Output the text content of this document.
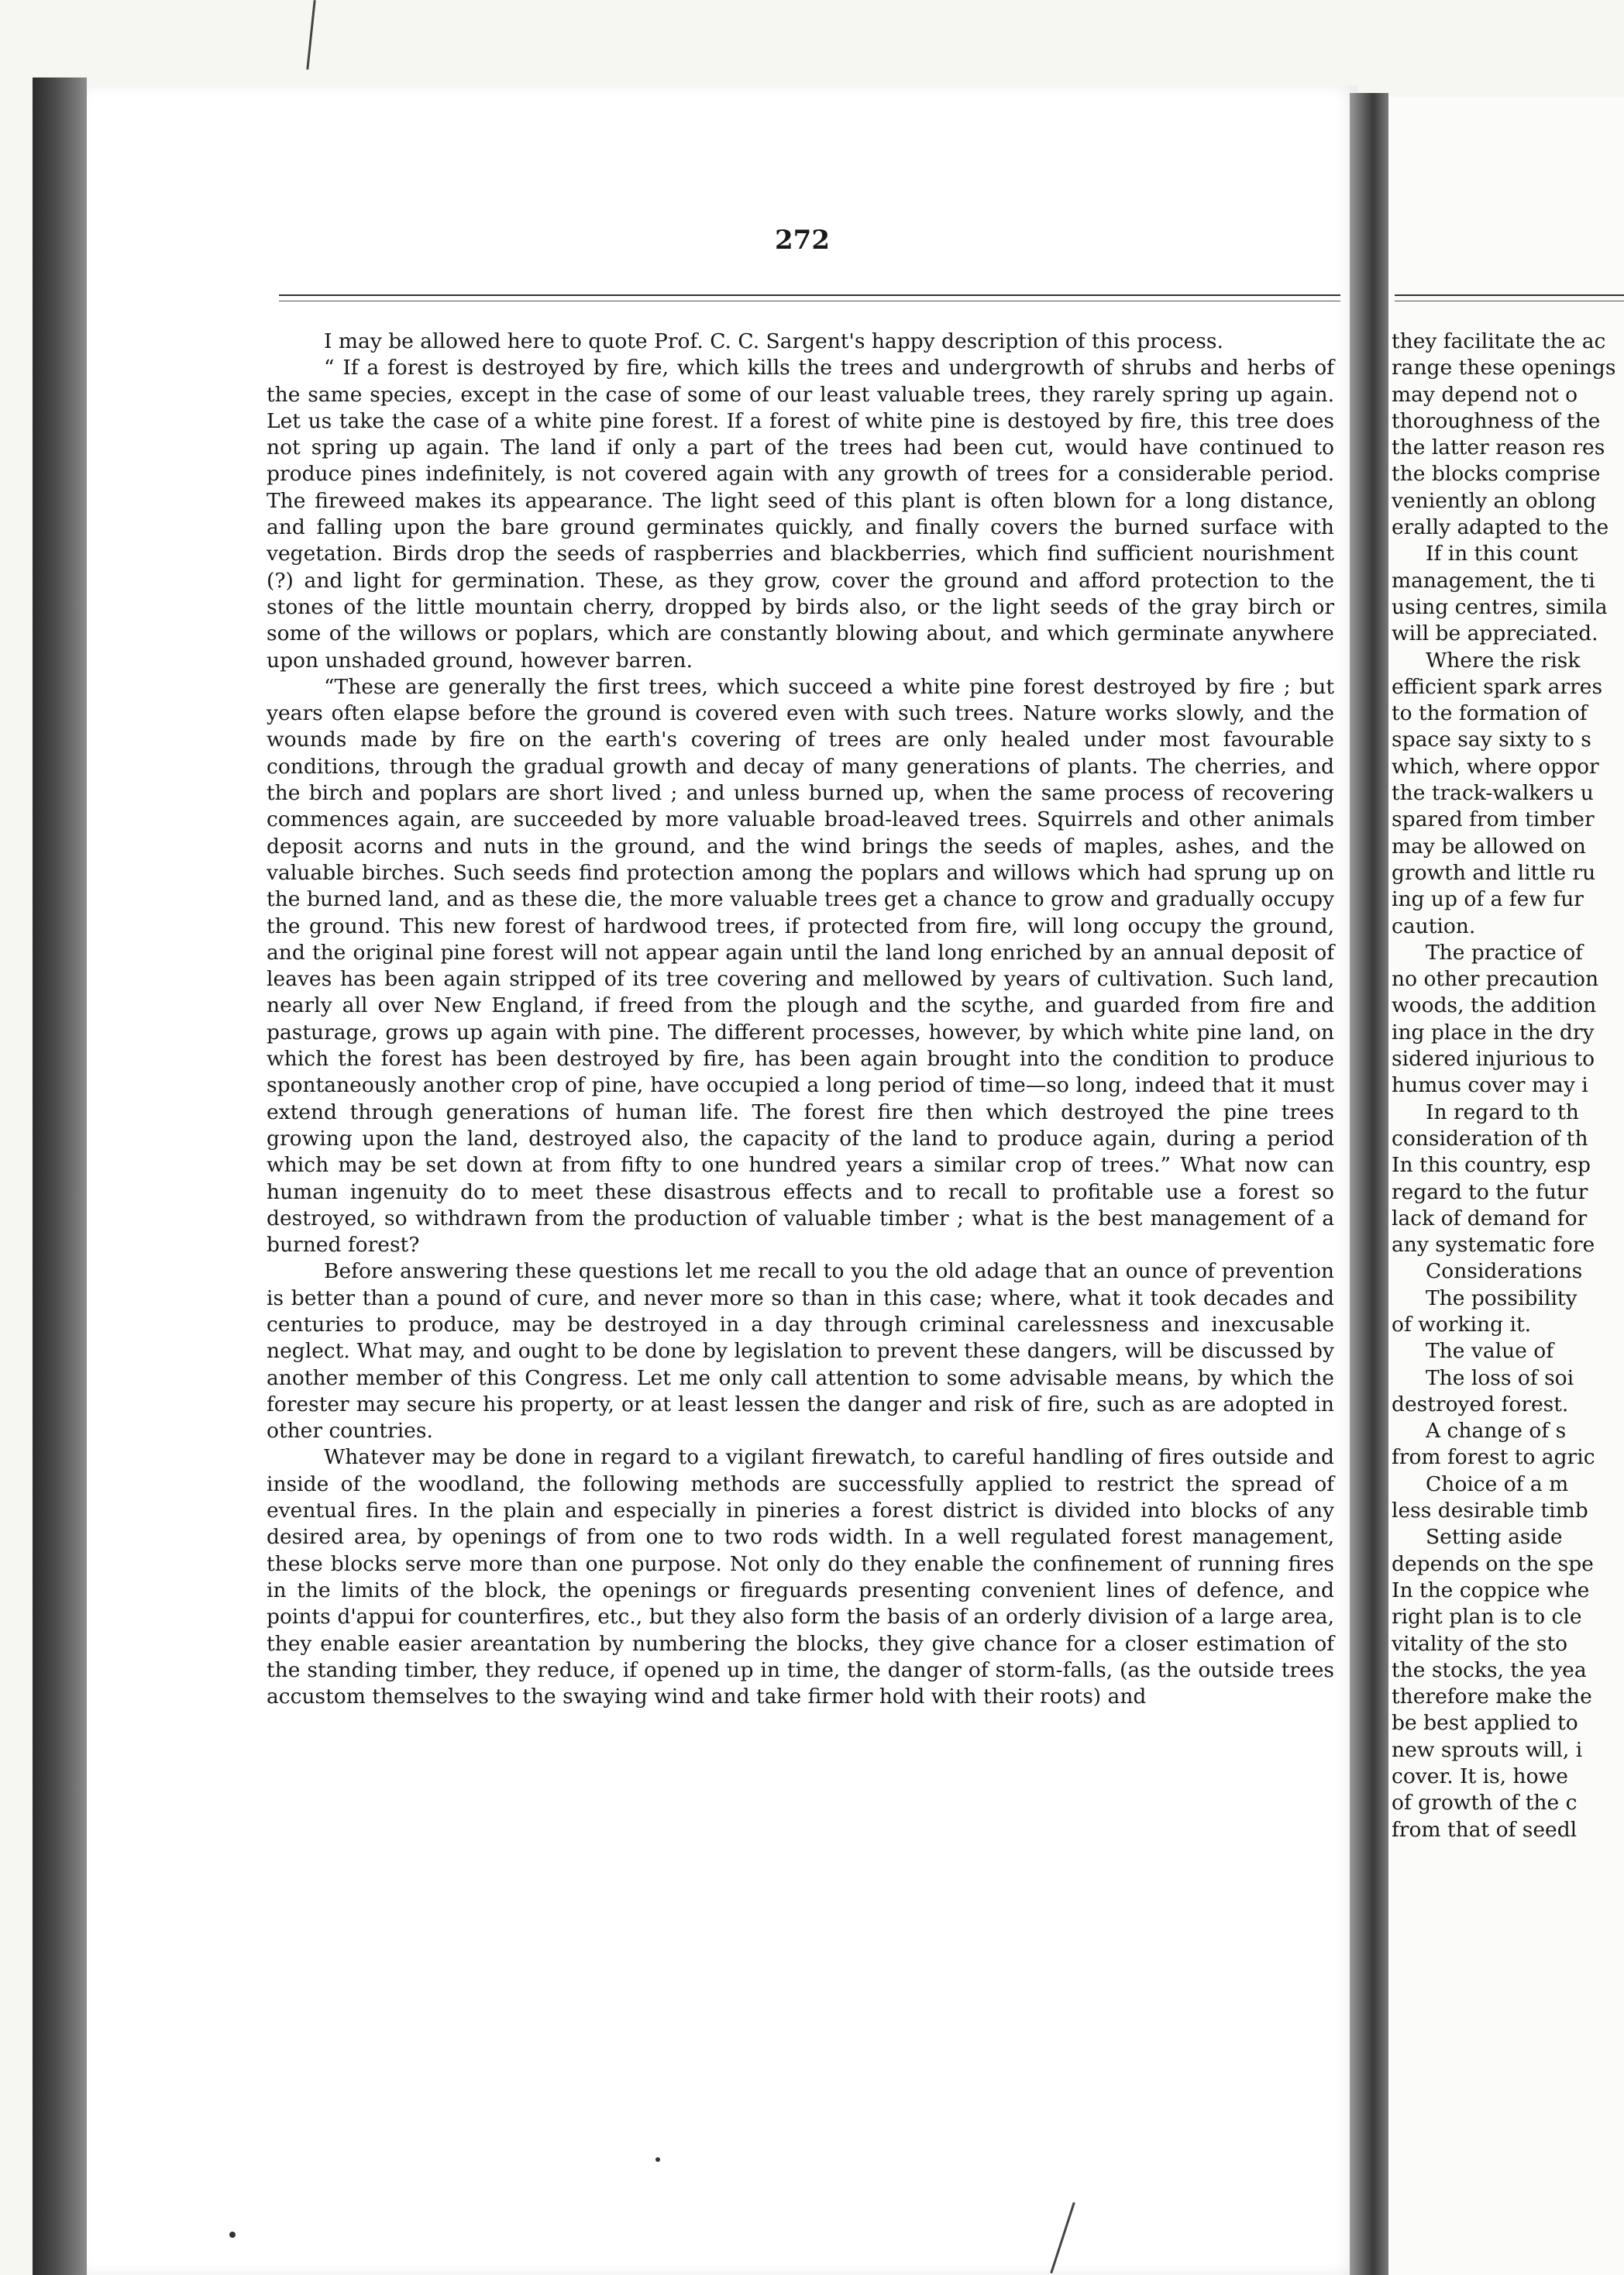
272

I may be allowed here to quote Prof. C. C. Sargent's happy description of this process.

“ If a forest is destroyed by fire, which kills the trees and undergrowth of shrubs and herbs of the same species, except in the case of some of our least valuable trees, they rarely spring up again. Let us take the case of a white pine forest. If a forest of white pine is destoyed by fire, this tree does not spring up again. The land if only a part of the trees had been cut, would have continued to produce pines indefinitely, is not covered again with any growth of trees for a considerable period. The fireweed makes its appearance. The light seed of this plant is often blown for a long distance, and falling upon the bare ground germinates quickly, and finally covers the burned surface with vegetation. Birds drop the seeds of raspberries and blackberries, which find sufficient nourishment (?) and light for germination. These, as they grow, cover the ground and afford protection to the stones of the little mountain cherry, dropped by birds also, or the light seeds of the gray birch or some of the willows or poplars, which are constantly blowing about, and which germinate anywhere upon unshaded ground, however barren.

“These are generally the first trees, which succeed a white pine forest destroyed by fire ; but years often elapse before the ground is covered even with such trees. Nature works slowly, and the wounds made by fire on the earth's covering of trees are only healed under most favourable conditions, through the gradual growth and decay of many generations of plants. The cherries, and the birch and poplars are short lived ; and unless burned up, when the same process of recovering commences again, are succeeded by more valuable broad-leaved trees. Squirrels and other animals deposit acorns and nuts in the ground, and the wind brings the seeds of maples, ashes, and the valuable birches. Such seeds find protection among the poplars and willows which had sprung up on the burned land, and as these die, the more valuable trees get a chance to grow and gradually occupy the ground. This new forest of hardwood trees, if protected from fire, will long occupy the ground, and the original pine forest will not appear again until the land long enriched by an annual deposit of leaves has been again stripped of its tree covering and mellowed by years of cultivation. Such land, nearly all over New England, if freed from the plough and the scythe, and guarded from fire and pasturage, grows up again with pine. The different processes, however, by which white pine land, on which the forest has been destroyed by fire, has been again brought into the condition to produce spontaneously another crop of pine, have occupied a long period of time—so long, indeed that it must extend through generations of human life. The forest fire then which destroyed the pine trees growing upon the land, destroyed also, the capacity of the land to produce again, during a period which may be set down at from fifty to one hundred years a similar crop of trees.” What now can human ingenuity do to meet these disastrous effects and to recall to profitable use a forest so destroyed, so withdrawn from the production of valuable timber ; what is the best management of a burned forest?

Before answering these questions let me recall to you the old adage that an ounce of prevention is better than a pound of cure, and never more so than in this case; where, what it took decades and centuries to produce, may be destroyed in a day through criminal carelessness and inexcusable neglect. What may, and ought to be done by legislation to prevent these dangers, will be discussed by another member of this Congress. Let me only call attention to some advisable means, by which the forester may secure his property, or at least lessen the danger and risk of fire, such as are adopted in other countries.

Whatever may be done in regard to a vigilant firewatch, to careful handling of fires outside and inside of the woodland, the following methods are successfully applied to restrict the spread of eventual fires. In the plain and especially in pineries a forest district is divided into blocks of any desired area, by openings of from one to two rods width. In a well regulated forest management, these blocks serve more than one purpose. Not only do they enable the confinement of running fires in the limits of the block, the openings or fireguards presenting convenient lines of defence, and points d'appui for counterfires, etc., but they also form the basis of an orderly division of a large area, they enable easier areantation by numbering the blocks, they give chance for a closer estimation of the standing timber, they reduce, if opened up in time, the danger of storm-falls, (as the outside trees accustom themselves to the swaying wind and take firmer hold with their roots) and

they facilitate the ac
range these openings
may depend not o
thoroughness of the
the latter reason res
the blocks comprise
veniently an oblong
erally adapted to the
If in this count
management, the ti
using centres, simila
will be appreciated.
Where the risk
efficient spark arres
to the formation of
space say sixty to s
which, where oppor
the track-walkers u
spared from timber
may be allowed on
growth and little ru
ing up of a few fur
caution.
The practice of
no other precaution
woods, the addition
ing place in the dry
sidered injurious to
humus cover may i
In regard to th
consideration of th
In this country, esp
regard to the futur
lack of demand for
any systematic fore
Considerations
The possibility
of working it.
The value of
The loss of soi
destroyed forest.
A change of s
from forest to agric
Choice of a m
less desirable timb
Setting aside
depends on the spe
In the coppice whe
right plan is to cle
vitality of the sto
the stocks, the yea
therefore make the
be best applied to
new sprouts will, i
cover. It is, howe
of growth of the c
from that of seedl
